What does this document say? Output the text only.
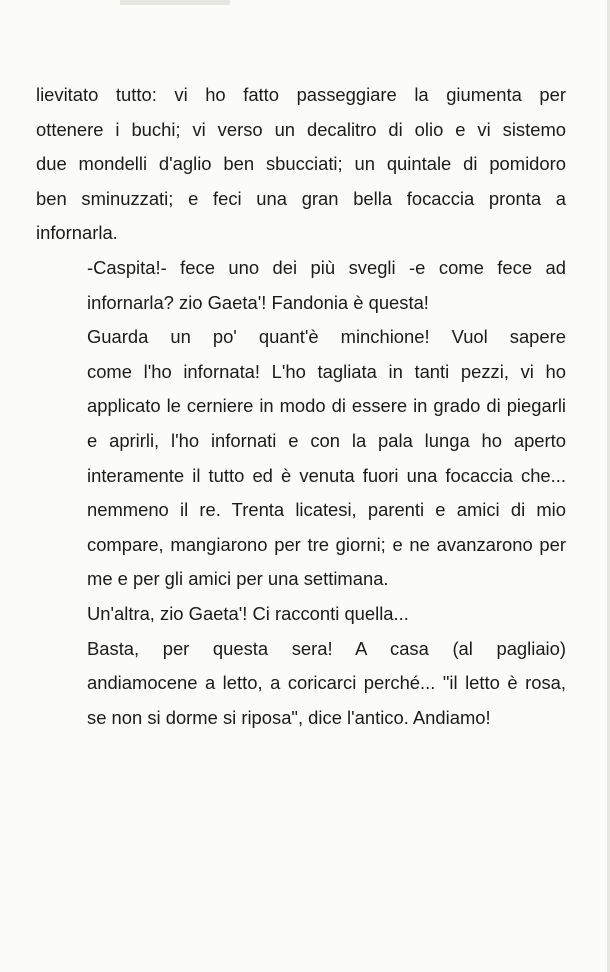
lievitato tutto: vi ho fatto passeggiare la giumenta per
ottenere i buchi; vi verso un decalitro di olio e vi sistemo
due mondelli d'aglio ben sbucciati; un quintale di pomidoro
ben sminuzzati; e feci una gran bella focaccia pronta a
infornarla.
-Caspita!- fece uno dei più svegli -e come fece ad
infornarla? zio Gaeta'! Fandonia è questa!
Guarda un po' quant'è minchione! Vuol sapere
come l'ho infornata! L'ho tagliata in tanti pezzi, vi ho
applicato le cerniere in modo di essere in grado di piegarli
e aprirli, l'ho infornati e con la pala lunga ho aperto
interamente il tutto ed è venuta fuori una focaccia che...
nemmeno il re. Trenta licatesi, parenti e amici di mio
compare, mangiarono per tre giorni; e ne avanzarono per
me e per gli amici per una settimana.
Un'altra, zio Gaeta'! Ci racconti quella...
Basta, per questa sera! A casa (al pagliaio)
andiamocene a letto, a coricarci perché... "il letto è rosa,
se non si dorme si riposa", dice l'antico. Andiamo!
